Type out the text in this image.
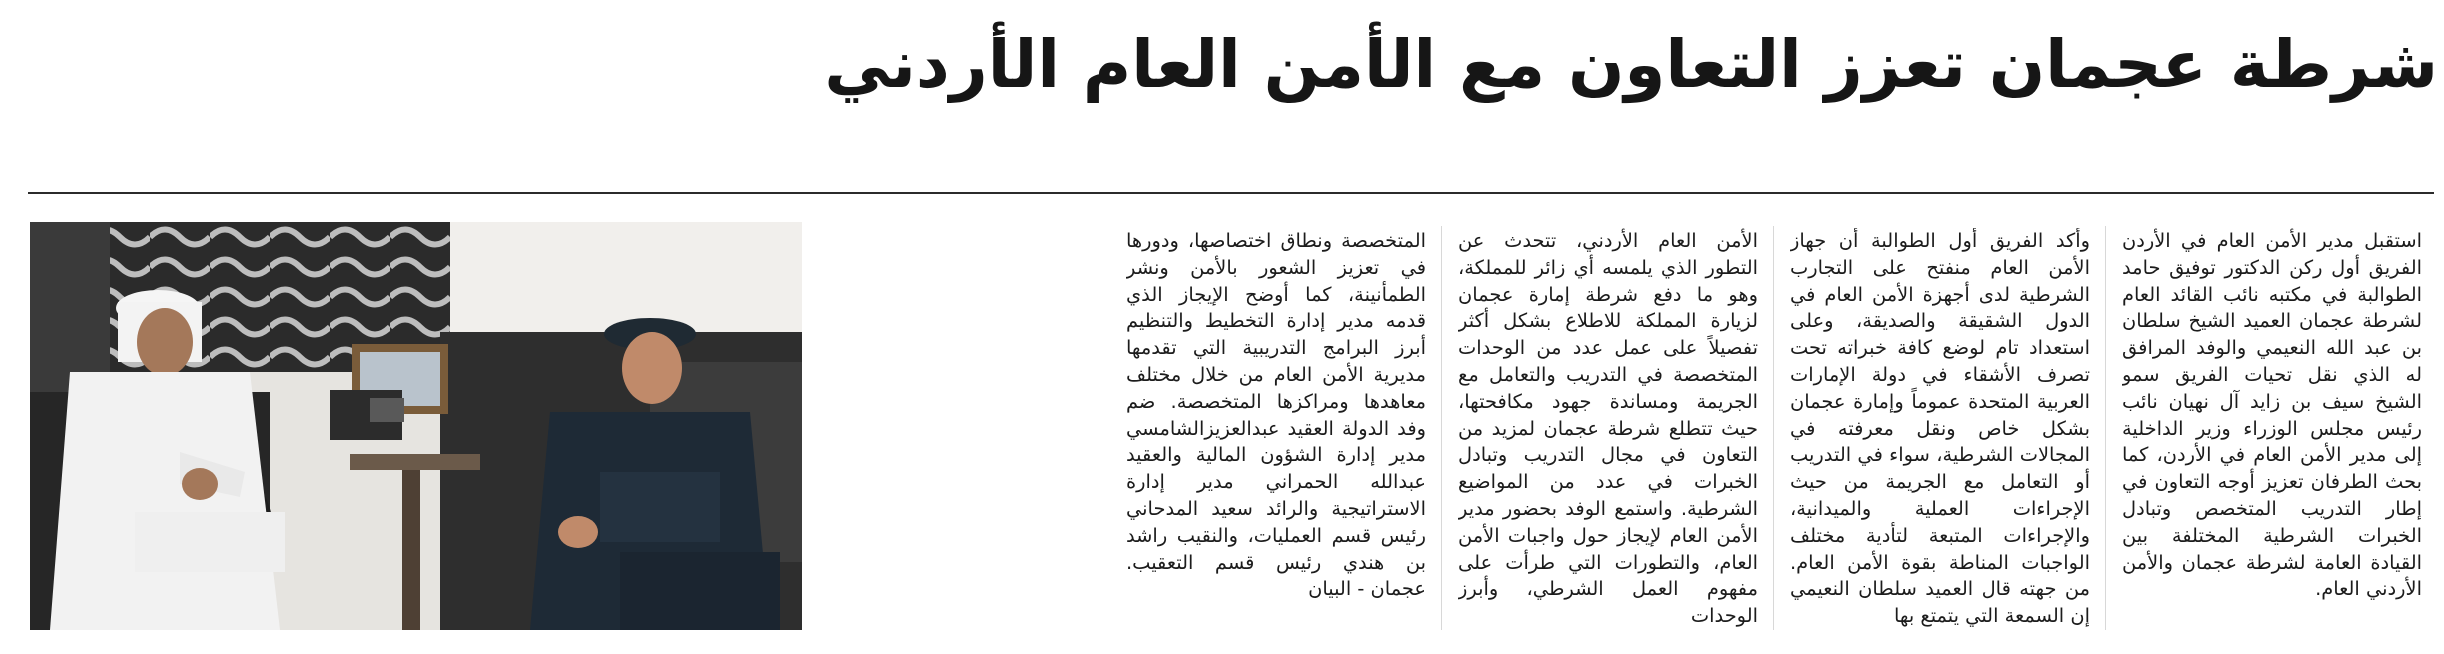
شرطة عجمان تعزز التعاون مع الأمن العام الأردني
استقبل مدير الأمن العام في الأردن الفريق أول ركن الدكتور توفيق حامد الطوالبة في مكتبه نائب القائد العام لشرطة عجمان العميد الشيخ سلطان بن عبد الله النعيمي والوفد المرافق له الذي نقل تحيات الفريق سمو الشيخ سيف بن زايد آل نهيان نائب رئيس مجلس الوزراء وزير الداخلية إلى مدير الأمن العام في الأردن، كما بحث الطرفان تعزيز أوجه التعاون في إطار التدريب المتخصص وتبادل الخبرات الشرطية المختلفة بين القيادة العامة لشرطة عجمان والأمن الأردني العام.
وأكد الفريق أول الطوالبة أن جهاز الأمن العام منفتح على التجارب الشرطية لدى أجهزة الأمن العام في الدول الشقيقة والصديقة، وعلى استعداد تام لوضع كافة خبراته تحت تصرف الأشقاء في دولة الإمارات العربية المتحدة عموماً وإمارة عجمان بشكل خاص ونقل معرفته في المجالات الشرطية، سواء في التدريب أو التعامل مع الجريمة من حيث الإجراءات العملية والميدانية، والإجراءات المتبعة لتأدية مختلف الواجبات المناطة بقوة الأمن العام. من جهته قال العميد سلطان النعيمي إن السمعة التي يتمتع بها
الأمن العام الأردني، تتحدث عن التطور الذي يلمسه أي زائر للمملكة، وهو ما دفع شرطة إمارة عجمان لزيارة المملكة للاطلاع بشكل أكثر تفصيلاً على عمل عدد من الوحدات المتخصصة في التدريب والتعامل مع الجريمة ومساندة جهود مكافحتها، حيث تتطلع شرطة عجمان لمزيد من التعاون في مجال التدريب وتبادل الخبرات في عدد من المواضيع الشرطية. واستمع الوفد بحضور مدير الأمن العام لإيجاز حول واجبات الأمن العام، والتطورات التي طرأت على مفهوم العمل الشرطي، وأبرز الوحدات
المتخصصة ونطاق اختصاصها، ودورها في تعزيز الشعور بالأمن ونشر الطمأنينة، كما أوضح الإيجاز الذي قدمه مدير إدارة التخطيط والتنظيم أبرز البرامج التدريبية التي تقدمها مديرية الأمن العام من خلال مختلف معاهدها ومراكزها المتخصصة. ضم وفد الدولة العقيد عبدالعزيزالشامسي مدير إدارة الشؤون المالية والعقيد عبدالله الحمراني مدير إدارة الاستراتيجية والرائد سعيد المدحاني رئيس قسم العمليات، والنقيب راشد بن هندي رئيس قسم التعقيب. عجمان - البيان
